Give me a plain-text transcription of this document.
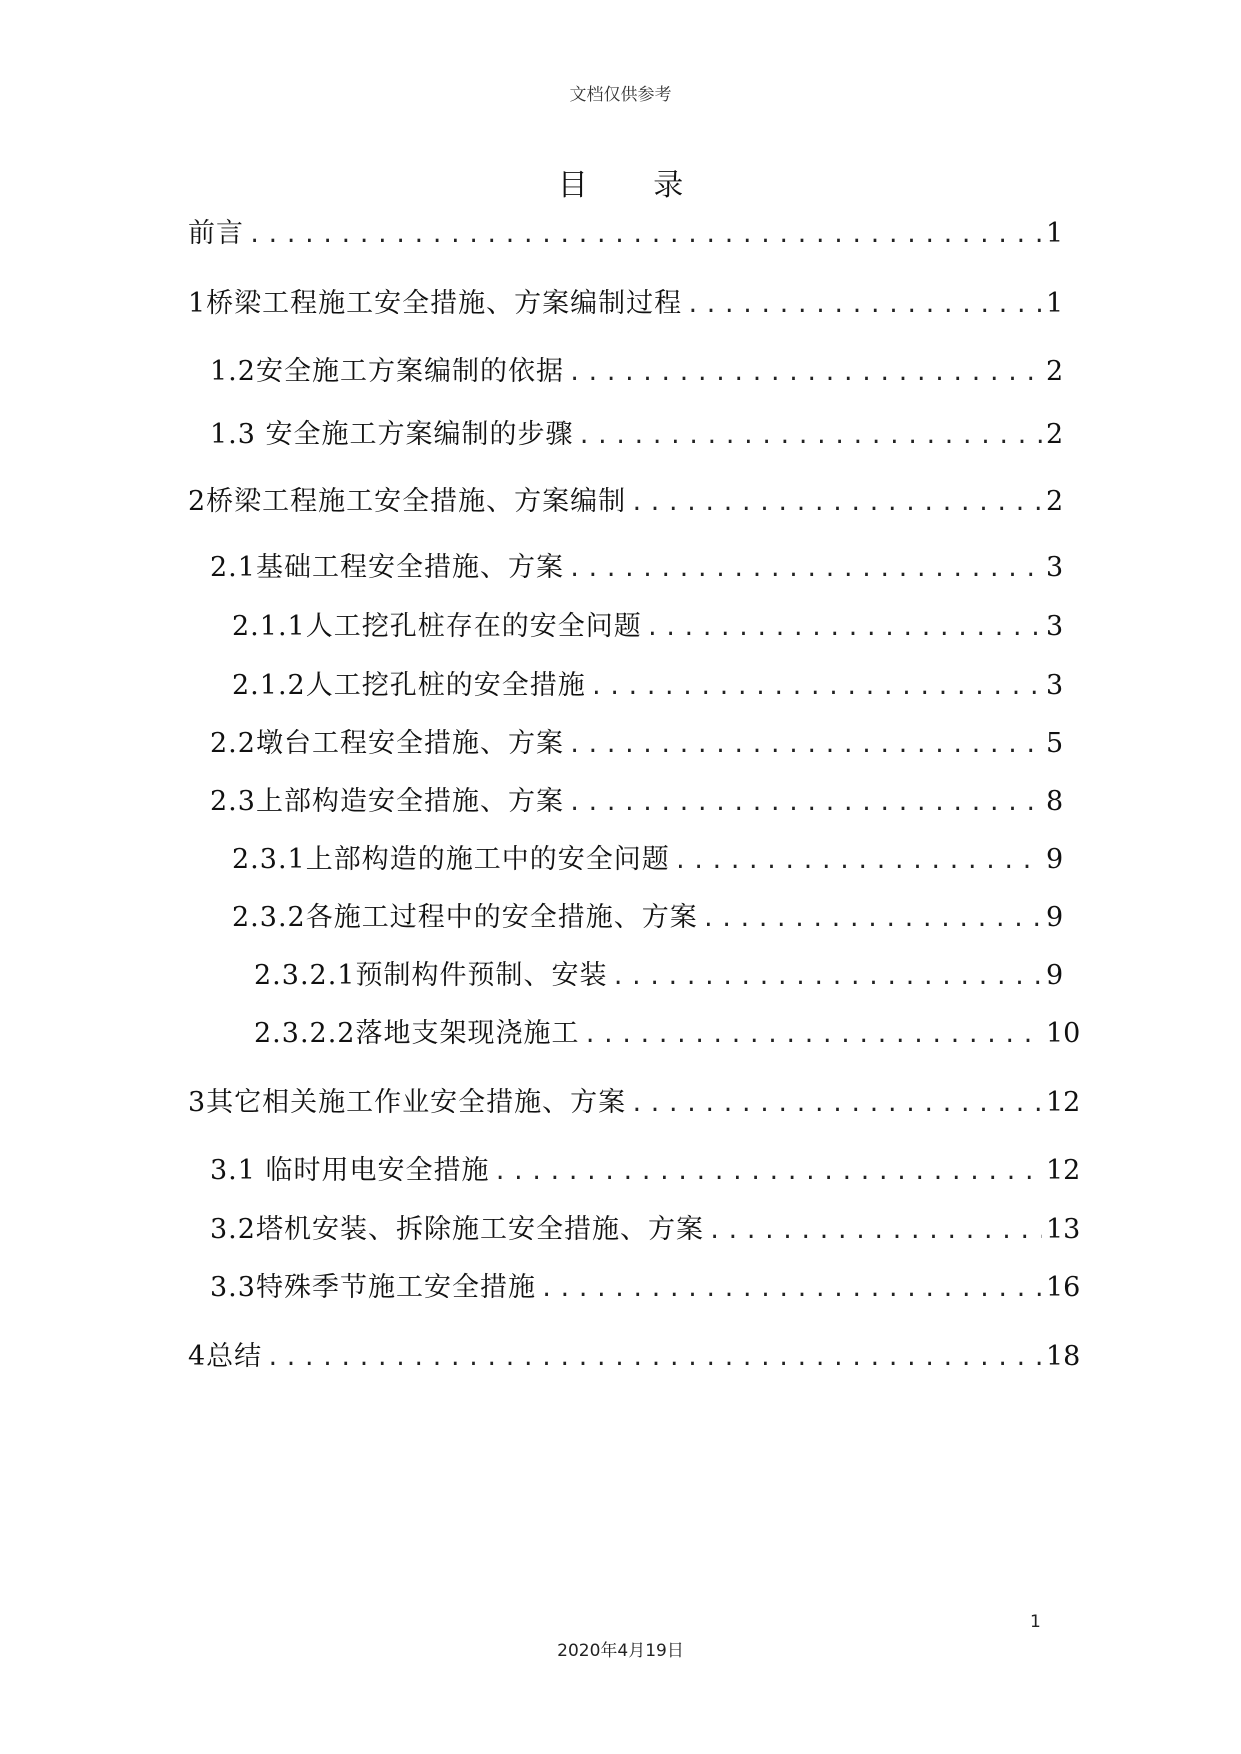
文档仅供参考
目 录
前言 .....	1
1桥梁工程施工安全措施、方案编制过程 .....	1
1.2安全施工方案编制的依据 .....	2
1.3 安全施工方案编制的步骤 .....	2
2桥梁工程施工安全措施、方案编制 .....	2
2.1基础工程安全措施、方案 .....	3
2.1.1人工挖孔桩存在的安全问题 .....	3
2.1.2人工挖孔桩的安全措施 .....	3
2.2墩台工程安全措施、方案 .....	5
2.3上部构造安全措施、方案 .....	8
2.3.1上部构造的施工中的安全问题 .....	9
2.3.2各施工过程中的安全措施、方案 .....	9
2.3.2.1预制构件预制、安装 .....	9
2.3.2.2落地支架现浇施工 .....	10
3其它相关施工作业安全措施、方案 .....	12
3.1 临时用电安全措施 .....	12
3.2塔机安装、拆除施工安全措施、方案 .....	13
3.3特殊季节施工安全措施 .....	16
4总结 .....	18
1
2020年4月19日
